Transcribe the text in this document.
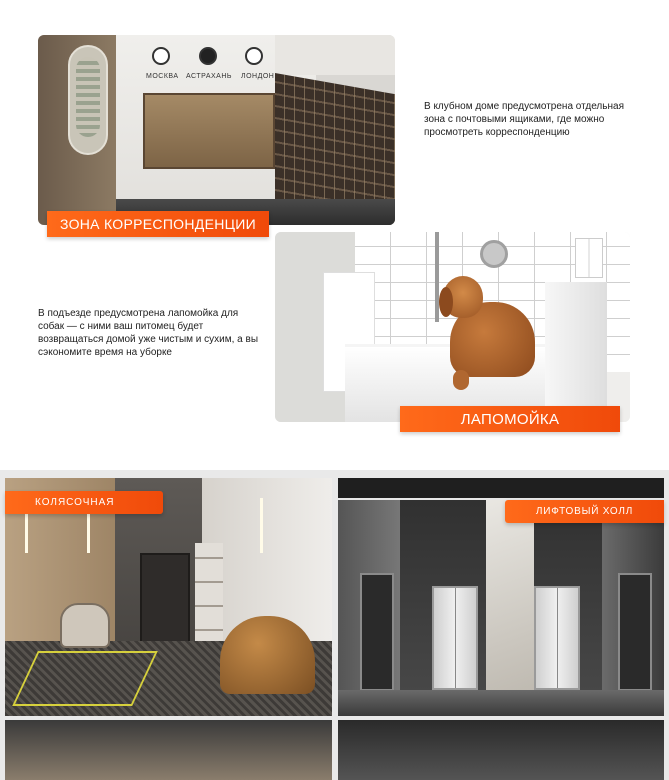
МОСКВА АСТРАХАНЬ ЛОНДОН
ЗОНА КОРРЕСПОНДЕНЦИИ

В клубном доме предусмотрена отдельная зона с почтовыми ящиками, где можно просмотреть корреспонденцию

В подъезде предусмотрена лапомойка для собак — с ними ваш питомец будет возвращаться домой уже чистым и сухим, а вы сэкономите время на уборке

ЛАПОМОЙКА
КОЛЯСОЧНАЯ
ЛИФТОВЫЙ ХОЛЛ
